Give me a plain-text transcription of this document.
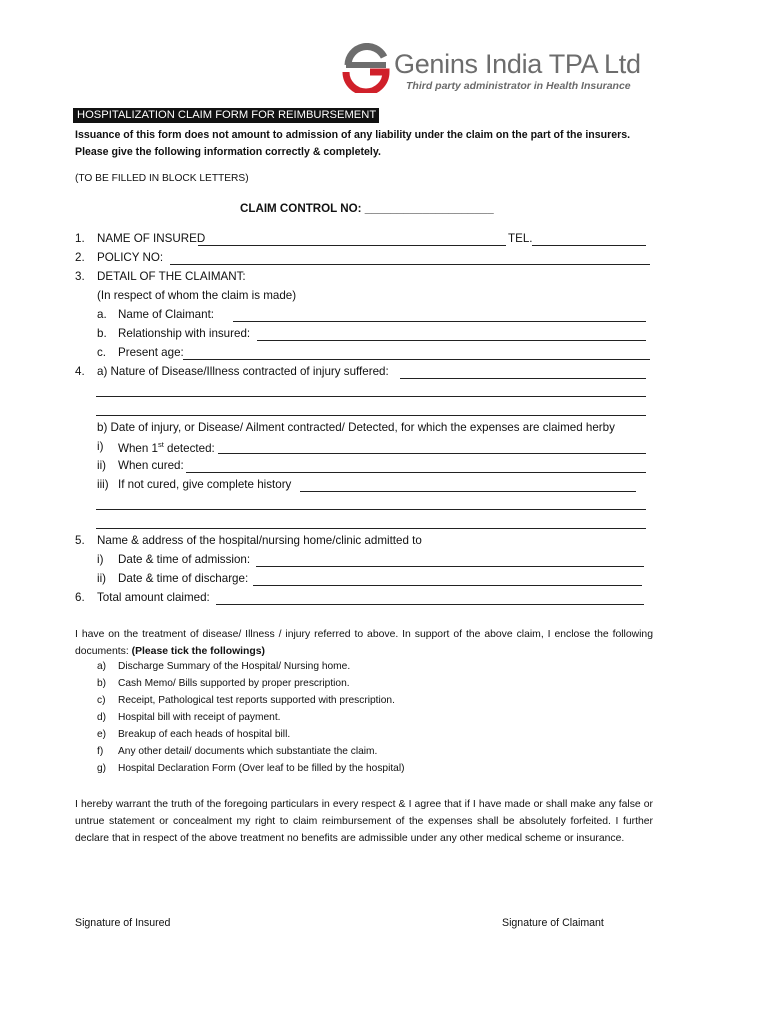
Genins India TPA Ltd
Third party administrator in Health Insurance
HOSPITALIZATION CLAIM FORM FOR REIMBURSEMENT
Issuance of this form does not amount to admission of any liability under the claim on the part of the insurers. Please give the following information correctly & completely.
(TO BE FILLED IN BLOCK LETTERS)
CLAIM CONTROL NO: ____________________
1. NAME OF INSURED	TEL.
2. POLICY NO:
3. DETAIL OF THE CLAIMANT:
(In respect of whom the claim is made)
a. Name of Claimant:
b. Relationship with insured:
c. Present age:
4. a) Nature of Disease/Illness contracted of injury suffered:
b) Date of injury, or Disease/ Ailment contracted/ Detected, for which the expenses are claimed herby
i) When 1st detected:
ii) When cured:
iii) If not cured, give complete history
5. Name & address of the hospital/nursing home/clinic admitted to
i) Date & time of admission:
ii) Date & time of discharge:
6. Total amount claimed:
I have on the treatment of disease/ Illness / injury referred to above. In support of the above claim, I enclose the following documents: (Please tick the followings)
a) Discharge Summary of the Hospital/ Nursing home.
b) Cash Memo/ Bills supported by proper prescription.
c) Receipt, Pathological test reports supported with prescription.
d) Hospital bill with receipt of payment.
e) Breakup of each heads of hospital bill.
f) Any other detail/ documents which substantiate the claim.
g) Hospital Declaration Form (Over leaf to be filled by the hospital)
I hereby warrant the truth of the foregoing particulars in every respect & I agree that if I have made or shall make any false or untrue statement or concealment my right to claim reimbursement of the expenses shall be absolutely forfeited. I further declare that in respect of the above treatment no benefits are admissible under any other medical scheme or insurance.
Signature of Insured	Signature of Claimant
